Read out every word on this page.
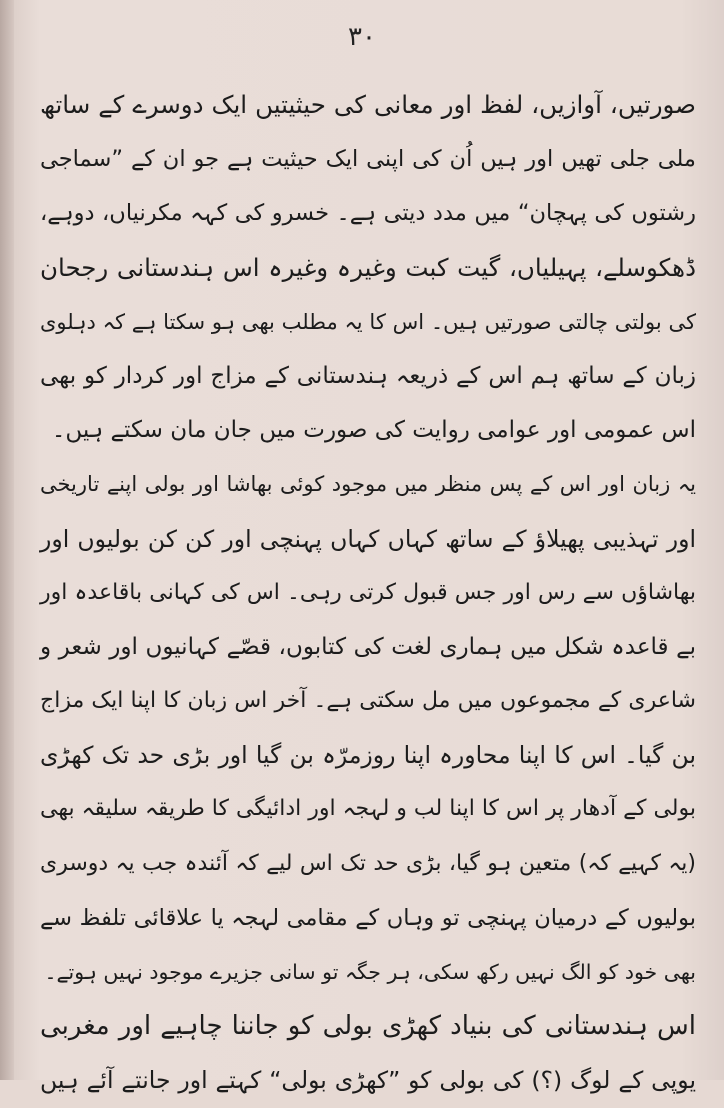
۳۰
صورتیں، آوازیں، لفظ اور معانی کی حیثیتیں ایک دوسرے کے ساتھ
ملی جلی تھیں اور ہیں اُن کی اپنی ایک حیثیت ہے جو ان کے ”سماجی
رشتوں کی پہچان“ میں مدد دیتی ہے۔ خسرو کی کہہ مکرنیاں، دوہے،
ڈھکوسلے، پہیلیاں، گیت کبت وغیرہ وغیرہ اس ہندستانی رجحان
کی بولتی چالتی صورتیں ہیں۔ اس کا یہ مطلب بھی ہو سکتا ہے کہ دہلوی
زبان کے ساتھ ہم اس کے ذریعہ ہندستانی کے مزاج اور کردار کو بھی
اس عمومی اور عوامی روایت کی صورت میں جان مان سکتے ہیں۔
یہ زبان اور اس کے پس منظر میں موجود کوئی بھاشا اور بولی اپنے تاریخی
اور تہذیبی پھیلاؤ کے ساتھ کہاں کہاں پہنچی اور کن کن بولیوں اور
بھاشاؤں سے رس اور جس قبول کرتی رہی۔ اس کی کہانی باقاعدہ اور
بے قاعدہ شکل میں ہماری لغت کی کتابوں، قصّے کہانیوں اور شعر و
شاعری کے مجموعوں میں مل سکتی ہے۔ آخر اس زبان کا اپنا ایک مزاج
بن گیا۔ اس کا اپنا محاورہ اپنا روزمرّہ بن گیا اور بڑی حد تک کھڑی
بولی کے آدھار پر اس کا اپنا لب و لہجہ اور ادائیگی کا طریقہ سلیقہ بھی
(یہ کہیے کہ) متعین ہو گیا، بڑی حد تک اس لیے کہ آئندہ جب یہ دوسری
بولیوں کے درمیان پہنچی تو وہاں کے مقامی لہجہ یا علاقائی تلفظ سے
بھی خود کو الگ نہیں رکھ سکی، ہر جگہ تو سانی جزیرے موجود نہیں ہوتے۔
اس ہندستانی کی بنیاد کھڑی بولی کو جاننا چاہیے اور مغربی
یوپی کے لوگ (؟) کی بولی کو ”کھڑی بولی“ کہتے اور جانتے آئے ہیں
